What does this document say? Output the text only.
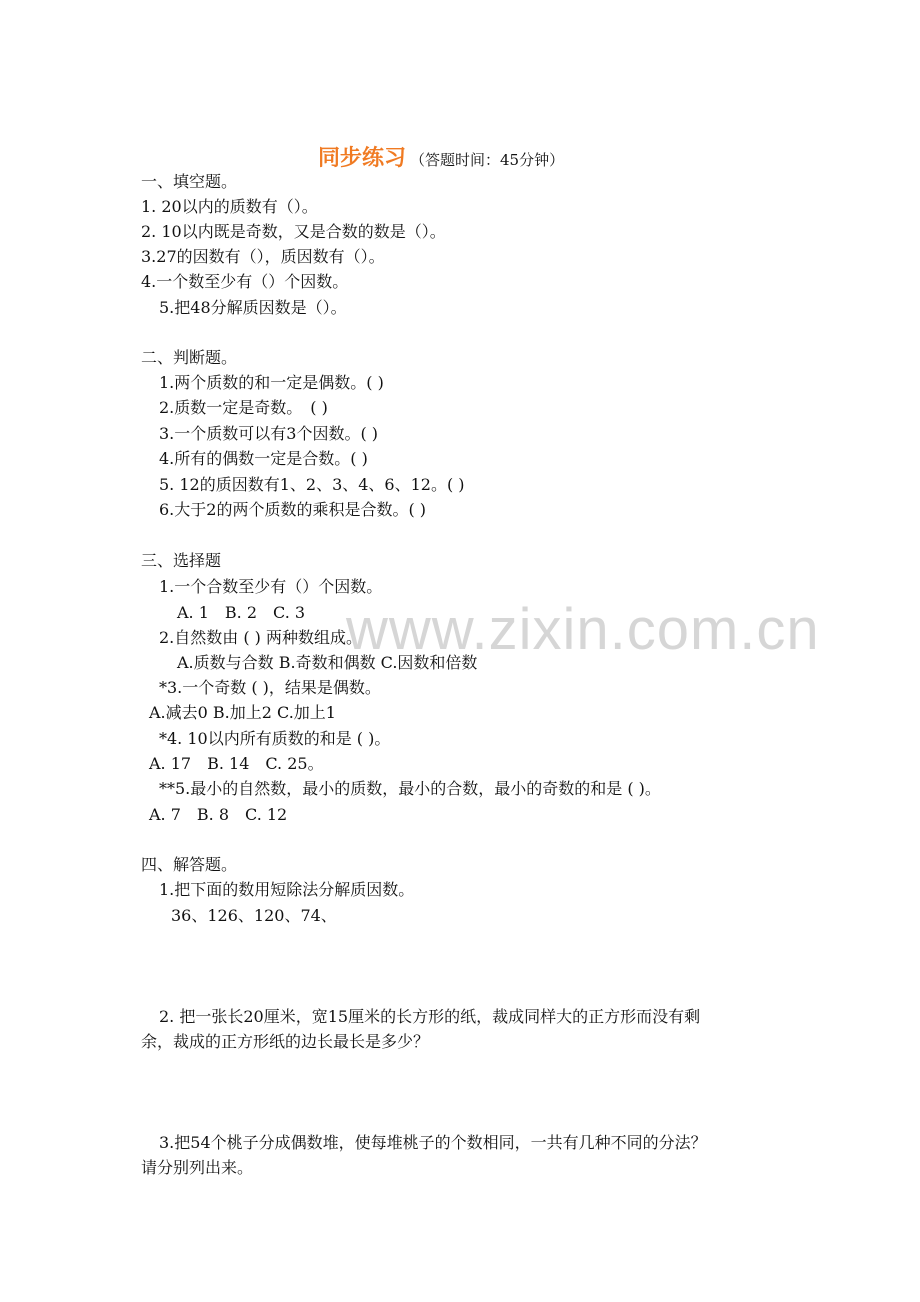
www.zixin.com.cn
同步练习 （答题时间：45分钟）
一、填空题。
1. 20以内的质数有（）。
2. 10以内既是奇数，又是合数的数是（）。
3.27的因数有（），质因数有（）。
4.一个数至少有（）个因数。
5.把48分解质因数是（）。
二、判断题。
1.两个质数的和一定是偶数。( )
2.质数一定是奇数。　( )
3.一个质数可以有3个因数。( )
4.所有的偶数一定是合数。( )
5. 12的质因数有1、2、3、4、6、12。( )
6.大于2的两个质数的乘积是合数。( )
三、选择题
1.一个合数至少有（）个因数。
A. 1　B. 2　C. 3
2.自然数由 ( ) 两种数组成。
A.质数与合数 B.奇数和偶数 C.因数和倍数
*3.一个奇数 ( )，结果是偶数。
A.减去0 B.加上2 C.加上1
*4. 10以内所有质数的和是 ( )。
A. 17　B. 14　C. 25。
**5.最小的自然数，最小的质数，最小的合数，最小的奇数的和是 ( )。
A. 7　B. 8　C. 12
四、解答题。
1.把下面的数用短除法分解质因数。
36、126、120、74、
2. 把一张长20厘米，宽15厘米的长方形的纸，裁成同样大的正方形而没有剩
余，裁成的正方形纸的边长最长是多少？
3.把54个桃子分成偶数堆，使每堆桃子的个数相同，一共有几种不同的分法？
请分别列出来。
